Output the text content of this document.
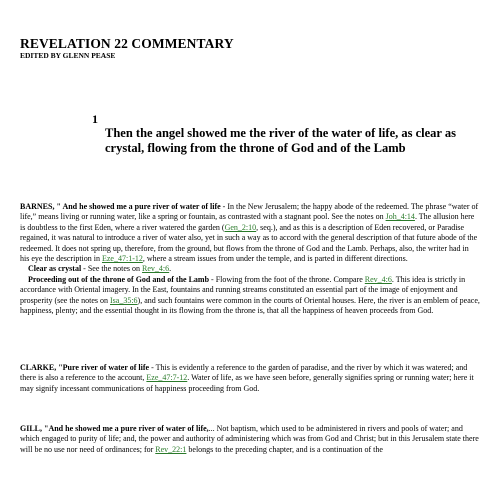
REVELATION 22 COMMENTARY
EDITED BY GLENN PEASE
1
Then the angel showed me the river of the water of life, as clear as crystal, flowing from the throne of God and of the Lamb
BARNES, " And he showed me a pure river of water of life - In the New Jerusalem; the happy abode of the redeemed. The phrase “water of life,” means living or running water, like a spring or fountain, as contrasted with a stagnant pool. See the notes on Joh_4:14. The allusion here is doubtless to the first Eden, where a river watered the garden (Gen_2:10, seq.), and as this is a description of Eden recovered, or Paradise regained, it was natural to introduce a river of water also, yet in such a way as to accord with the general description of that future abode of the redeemed. It does not spring up, therefore, from the ground, but flows from the throne of God and the Lamb. Perhaps, also, the writer had in his eye the description in Eze_47:1-12, where a stream issues from under the temple, and is parted in different directions.
Clear as crystal - See the notes on Rev_4:6.
Proceeding out of the throne of God and of the Lamb - Flowing from the foot of the throne. Compare Rev_4:6. This idea is strictly in accordance with Oriental imagery. In the East, fountains and running streams constituted an essential part of the image of enjoyment and prosperity (see the notes on Isa_35:6), and such fountains were common in the courts of Oriental houses. Here, the river is an emblem of peace, happiness, plenty; and the essential thought in its flowing from the throne is, that all the happiness of heaven proceeds from God.
CLARKE, "Pure river of water of life - This is evidently a reference to the garden of paradise, and the river by which it was watered; and there is also a reference to the account, Eze_47:7-12. Water of life, as we have seen before, generally signifies spring or running water; here it may signify incessant communications of happiness proceeding from God.
GILL, "And he showed me a pure river of water of life,... Not baptism, which used to be administered in rivers and pools of water; and which engaged to purity of life; and, the power and authority of administering which was from God and Christ; but in this Jerusalem state there will be no use nor need of ordinances; for Rev_22:1 belongs to the preceding chapter, and is a continuation of the
